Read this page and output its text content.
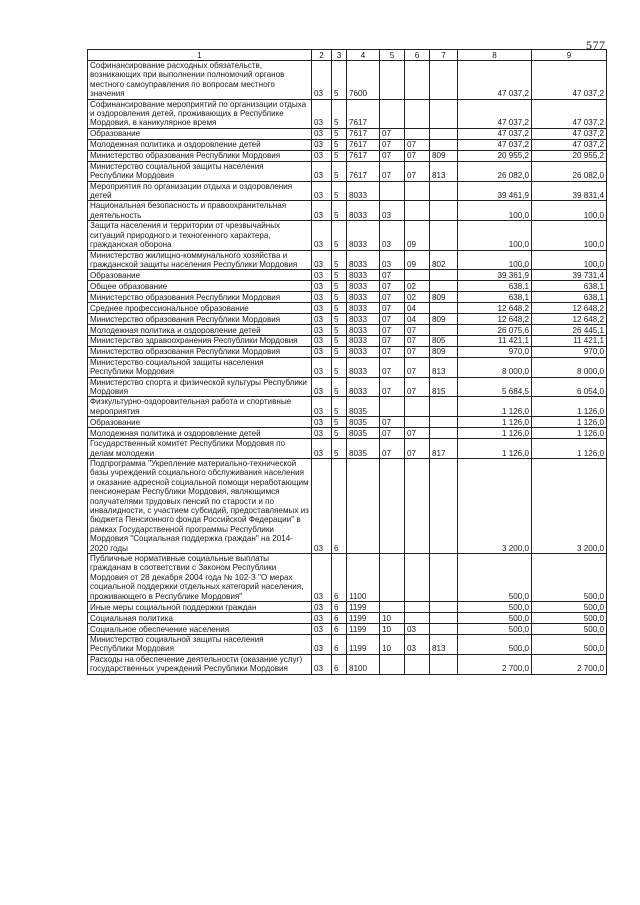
577
1	2	3	4	5	6	7	8	9
Софинансирование расходных обязательств, возникающих при выполнении полномочий органов местного самоуправления по вопросам местного значения	03	5	7600				47 037,2	47 037,2
Софинансирование мероприятий по организации отдыха и оздоровления детей, проживающих в Республике Мордовия, в каникулярное время	03	5	7617				47 037,2	47 037,2
Образование	03	5	7617	07			47 037,2	47 037,2
Молодежная политика и оздоровление детей	03	5	7617	07	07		47 037,2	47 037,2
Министерство образования Республики Мордовия	03	5	7617	07	07	809	20 955,2	20 955,2
Министерство социальной защиты населения Республики Мордовия	03	5	7617	07	07	813	26 082,0	26 082,0
Мероприятия по организации отдыха и оздоровления детей	03	5	8033				39 461,9	39 831,4
Национальная безопасность и правоохранительная деятельность	03	5	8033	03			100,0	100,0
Защита населения и территории от чрезвычайных ситуаций природного и техногенного характера, гражданская оборона	03	5	8033	03	09		100,0	100,0
Министерство жилищно-коммунального хозяйства и гражданской защиты населения Республики Мордовия	03	5	8033	03	09	802	100,0	100,0
Образование	03	5	8033	07			39 361,9	39 731,4
Общее образование	03	5	8033	07	02		638,1	638,1
Министерство образования Республики Мордовия	03	5	8033	07	02	809	638,1	638,1
Среднее профессиональное образование	03	5	8033	07	04		12 648,2	12 648,2
Министерство образования Республики Мордовия	03	5	8033	07	04	809	12 648,2	12 648,2
Молодежная политика и оздоровление детей	03	5	8033	07	07		26 075,6	26 445,1
Министерство здравоохранения Республики Мордовия	03	5	8033	07	07	805	11 421,1	11 421,1
Министерство образования Республики Мордовия	03	5	8033	07	07	809	970,0	970,0
Министерство социальной защиты населения Республики Мордовия	03	5	8033	07	07	813	8 000,0	8 000,0
Министерство спорта и физической культуры Республики Мордовия	03	5	8033	07	07	815	5 684,5	6 054,0
Физкультурно-оздоровительная работа и спортивные мероприятия	03	5	8035				1 126,0	1 126,0
Образование	03	5	8035	07			1 126,0	1 126,0
Молодежная политика и оздоровление детей	03	5	8035	07	07		1 126,0	1 126,0
Государственный комитет Республики Мордовия по делам молодежи	03	5	8035	07	07	817	1 126,0	1 126,0
Подпрограмма "Укрепление материально-технической базы учреждений социального обслуживания населения и оказание адресной социальной помощи неработающим пенсионерам Республики Мордовия, являющимся получателями трудовых пенсий по старости и по инвалидности, с участием субсидий, предоставляемых из бюджета Пенсионного фонда Российской Федерации" в рамках Государственной программы Республики Мордовия "Социальная поддержка граждан" на 2014-2020 годы	03	6					3 200,0	3 200,0
Публичные нормативные социальные выплаты гражданам в соответствии с Законом Республики Мордовия от 28 декабря 2004 года № 102-З "О мерах социальной поддержки отдельных категорий населения, проживающего в Республике Мордовия"	03	6	1100				500,0	500,0
Иные меры социальной поддержки граждан	03	6	1199				500,0	500,0
Социальная политика	03	6	1199	10			500,0	500,0
Социальное обеспечение населения	03	6	1199	10	03		500,0	500,0
Министерство социальной защиты населения Республики Мордовия	03	6	1199	10	03	813	500,0	500,0
Расходы на обеспечение деятельности (оказание услуг) государственных учреждений Республики Мордовия	03	6	8100				2 700,0	2 700,0
